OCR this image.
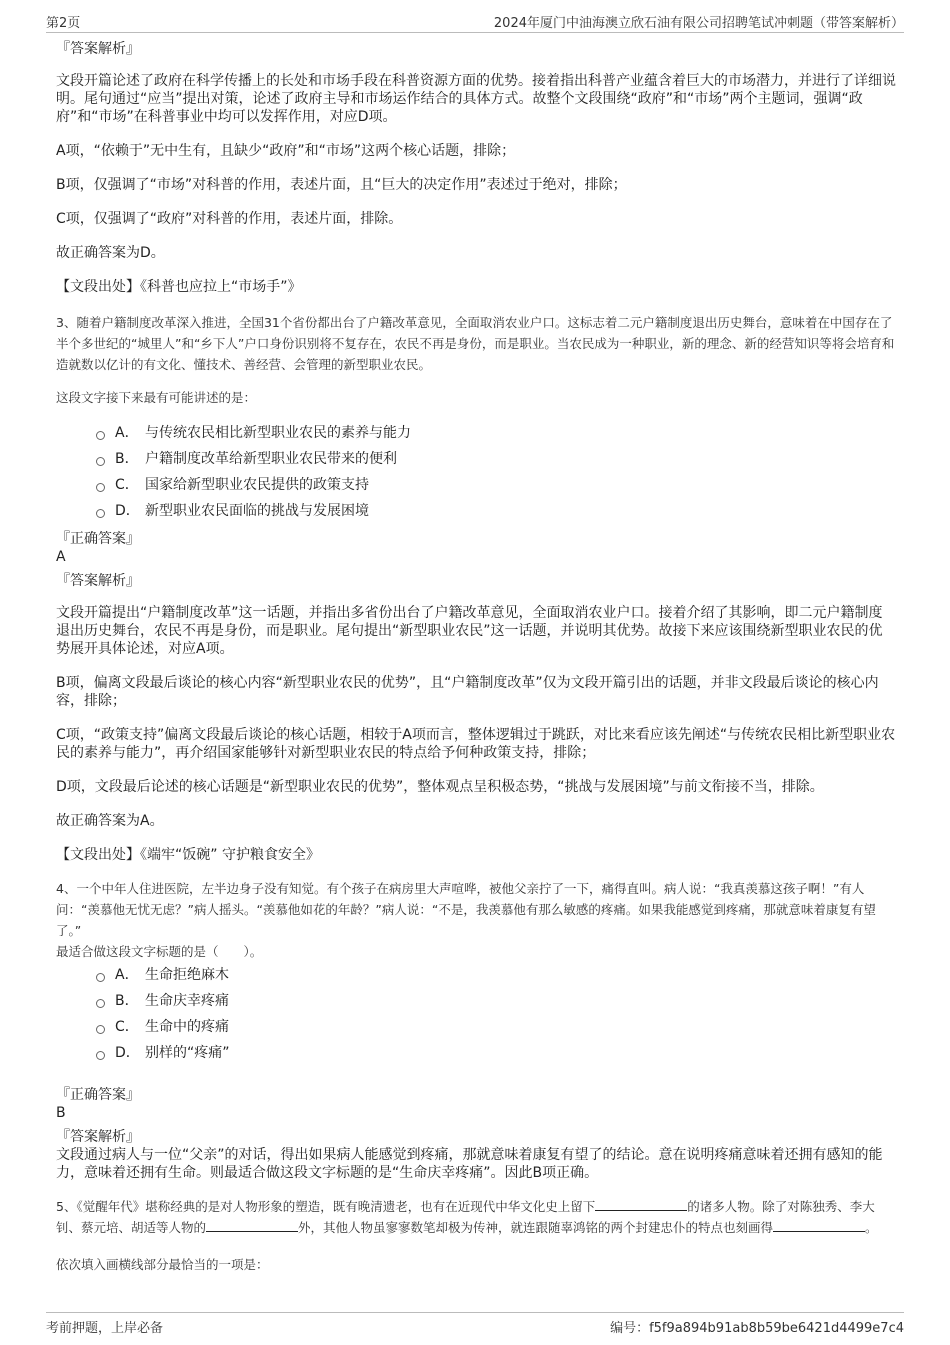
第2页	2024年厦门中油海澳立欣石油有限公司招聘笔试冲刺题（带答案解析）

『答案解析』

文段开篇论述了政府在科学传播上的长处和市场手段在科普资源方面的优势。接着指出科普产业蕴含着巨大的市场潜力，并进行了详细说明。尾句通过“应当”提出对策，论述了政府主导和市场运作结合的具体方式。故整个文段围绕“政府”和“市场”两个主题词，强调“政府”和“市场”在科普事业中均可以发挥作用，对应D项。

A项，“依赖于”无中生有，且缺少“政府”和“市场”这两个核心话题，排除；

B项，仅强调了“市场”对科普的作用，表述片面，且“巨大的决定作用”表述过于绝对，排除；

C项，仅强调了“政府”对科普的作用，表述片面，排除。

故正确答案为D。

【文段出处】《科普也应拉上“市场手”》

3、随着户籍制度改革深入推进，全国31个省份都出台了户籍改革意见，全面取消农业户口。这标志着二元户籍制度退出历史舞台，意味着在中国存在了半个多世纪的“城里人”和“乡下人”户口身份识别将不复存在，农民不再是身份，而是职业。当农民成为一种职业，新的理念、新的经营知识等将会培育和造就数以亿计的有文化、懂技术、善经营、会管理的新型职业农民。

这段文字接下来最有可能讲述的是：

A． 与传统农民相比新型职业农民的素养与能力
B． 户籍制度改革给新型职业农民带来的便利
C． 国家给新型职业农民提供的政策支持
D． 新型职业农民面临的挑战与发展困境

『正确答案』

A

『答案解析』

文段开篇提出“户籍制度改革”这一话题，并指出多省份出台了户籍改革意见，全面取消农业户口。接着介绍了其影响，即二元户籍制度退出历史舞台，农民不再是身份，而是职业。尾句提出“新型职业农民”这一话题，并说明其优势。故接下来应该围绕新型职业农民的优势展开具体论述，对应A项。

B项，偏离文段最后谈论的核心内容“新型职业农民的优势”，且“户籍制度改革”仅为文段开篇引出的话题，并非文段最后谈论的核心内容，排除；

C项，“政策支持”偏离文段最后谈论的核心话题，相较于A项而言，整体逻辑过于跳跃，对比来看应该先阐述“与传统农民相比新型职业农民的素养与能力”，再介绍国家能够针对新型职业农民的特点给予何种政策支持，排除；

D项，文段最后论述的核心话题是“新型职业农民的优势”，整体观点呈积极态势，“挑战与发展困境”与前文衔接不当，排除。

故正确答案为A。

【文段出处】《端牢“饭碗” 守护粮食安全》

4、一个中年人住进医院，左半边身子没有知觉。有个孩子在病房里大声喧哗，被他父亲拧了一下，痛得直叫。病人说：“我真羡慕这孩子啊！”有人问：“羡慕他无忧无虑？”病人摇头。“羡慕他如花的年龄？”病人说：“不是，我羡慕他有那么敏感的疼痛。如果我能感觉到疼痛，那就意味着康复有望了。”

最适合做这段文字标题的是（　　）。

A． 生命拒绝麻木
B． 生命庆幸疼痛
C． 生命中的疼痛
D． 别样的“疼痛”

『正确答案』

B

『答案解析』

文段通过病人与一位“父亲”的对话，得出如果病人能感觉到疼痛，那就意味着康复有望了的结论。意在说明疼痛意味着还拥有感知的能力，意味着还拥有生命。则最适合做这段文字标题的是“生命庆幸疼痛”。因此B项正确。

5、《觉醒年代》堪称经典的是对人物形象的塑造，既有晚清遗老，也有在近现代中华文化史上留下	的诸多人物。除了对陈独秀、李大钊、蔡元培、胡适等人物的	外，其他人物虽寥寥数笔却极为传神，就连跟随辜鸿铭的两个封建忠仆的特点也刻画得	。

依次填入画横线部分最恰当的一项是：

考前押题，上岸必备	编号：f5f9a894b91ab8b59be6421d4499e7c4
